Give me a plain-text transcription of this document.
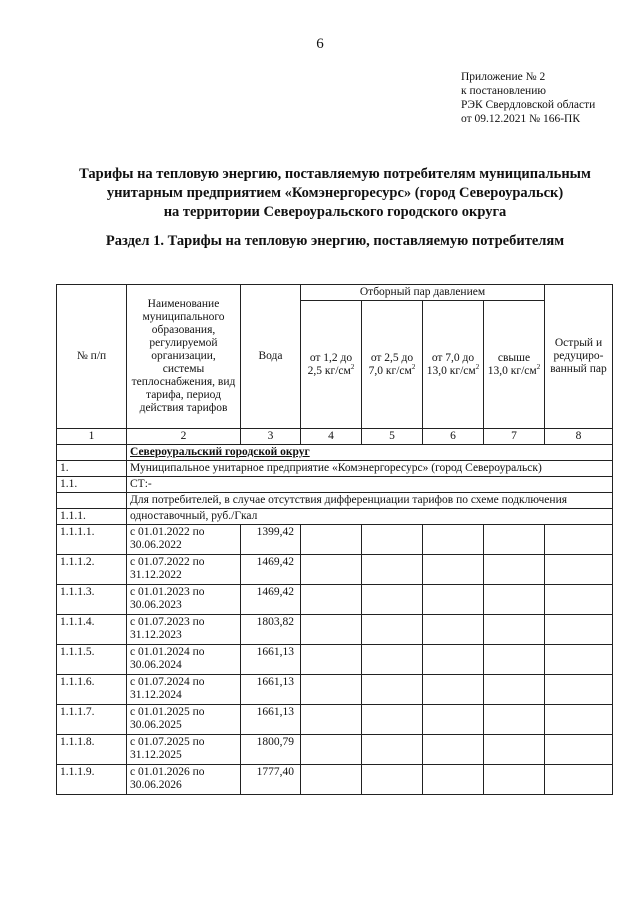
6
Приложение № 2
к постановлению
РЭК Свердловской области
от 09.12.2021 № 166-ПК
Тарифы на тепловую энергию, поставляемую потребителям муниципальным
унитарным предприятием «Комэнергоресурс» (город Североуральск)
на территории Североуральского городского округа
Раздел 1. Тарифы на тепловую энергию, поставляемую потребителям
№ п/п	Наименование муниципального образования, регулируемой организации, системы теплоснабжения, вид тарифа, период действия тарифов	Вода	Отборный пар давлением				Острый и редуциро-ванный пар
			от 1,2 до 2,5 $кг/см^2$	от 2,5 до 7,0 $кг/см^2$	от 7,0 до 13,0 $кг/см^2$	свыше 13,0 $кг/см^2$
1	2	3	4	5	6	7	8
	Североуральский городской округ						
1.	Муниципальное унитарное предприятие «Комэнергоресурс» (город Североуральск)						
1.1.	СТ:-						
	Для потребителей, в случае отсутствия дифференциации тарифов по схеме подключения						
1.1.1.	одноставочный, руб./Гкал						
1.1.1.1.	с 01.01.2022 по 30.06.2022	1399,42					
1.1.1.2.	с 01.07.2022 по 31.12.2022	1469,42					
1.1.1.3.	с 01.01.2023 по 30.06.2023	1469,42					
1.1.1.4.	с 01.07.2023 по 31.12.2023	1803,82					
1.1.1.5.	с 01.01.2024 по 30.06.2024	1661,13					
1.1.1.6.	с 01.07.2024 по 31.12.2024	1661,13					
1.1.1.7.	с 01.01.2025 по 30.06.2025	1661,13					
1.1.1.8.	с 01.07.2025 по 31.12.2025	1800,79					
1.1.1.9.	с 01.01.2026 по 30.06.2026	1777,40					
